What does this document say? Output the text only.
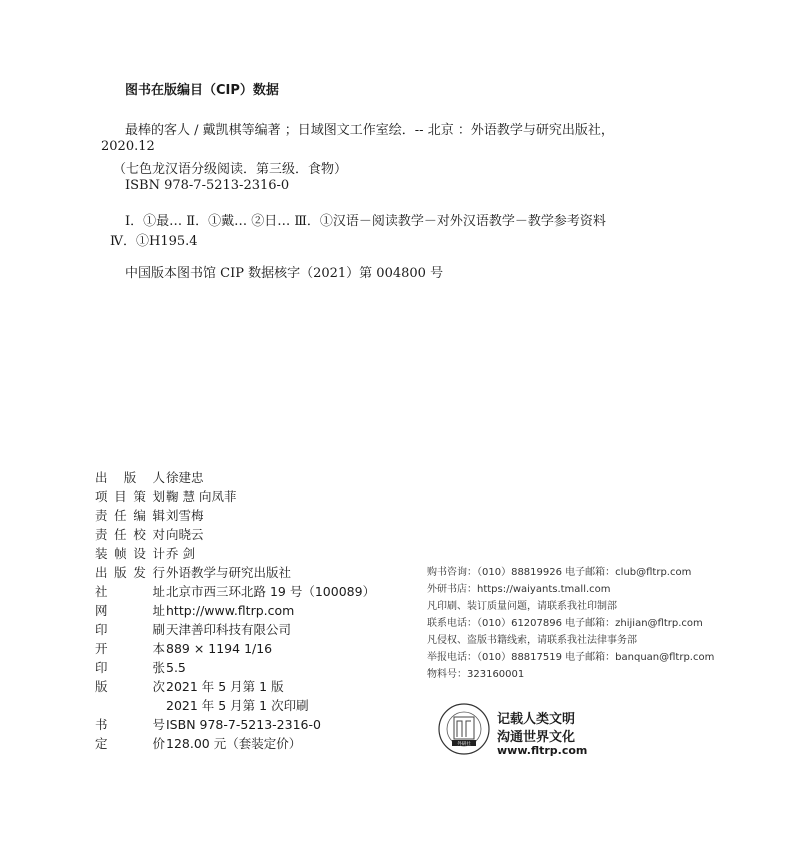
图书在版编目（CIP）数据
最棒的客人 / 戴凯棋等编著 ；日域图文工作室绘．-- 北京 ：外语教学与研究出版社，
2020.12
（七色龙汉语分级阅读．第三级．食物）
ISBN 978-7-5213-2316-0
Ⅰ．①最… Ⅱ．①戴… ②日… Ⅲ．①汉语－阅读教学－对外汉语教学－教学参考资料
Ⅳ．①H195.4
中国版本图书馆 CIP 数据核字（2021）第 004800 号
出 版 人 徐建忠
项目策划 鞠 慧 向凤菲
责任编辑 刘雪梅
责任校对 向晓云
装帧设计 乔 剑
出版发行 外语教学与研究出版社
社 址 北京市西三环北路 19 号（100089）
网 址 http://www.fltrp.com
印 刷 天津善印科技有限公司
开 本 889 × 1194 1/16
印 张 5.5
版 次 2021 年 5 月第 1 版
2021 年 5 月第 1 次印刷
书 号 ISBN 978-7-5213-2316-0
定 价 128.00 元（套装定价）
购书咨询：（010）88819926 电子邮箱：club@fltrp.com
外研书店：https://waiyants.tmall.com
凡印刷、装订质量问题，请联系我社印制部
联系电话：（010）61207896 电子邮箱：zhijian@fltrp.com
凡侵权、盗版书籍线索，请联系我社法律事务部
举报电话：（010）88817519 电子邮箱：banquan@fltrp.com
物料号：323160001
外研社
记载人类文明
沟通世界文化
www.fltrp.com
